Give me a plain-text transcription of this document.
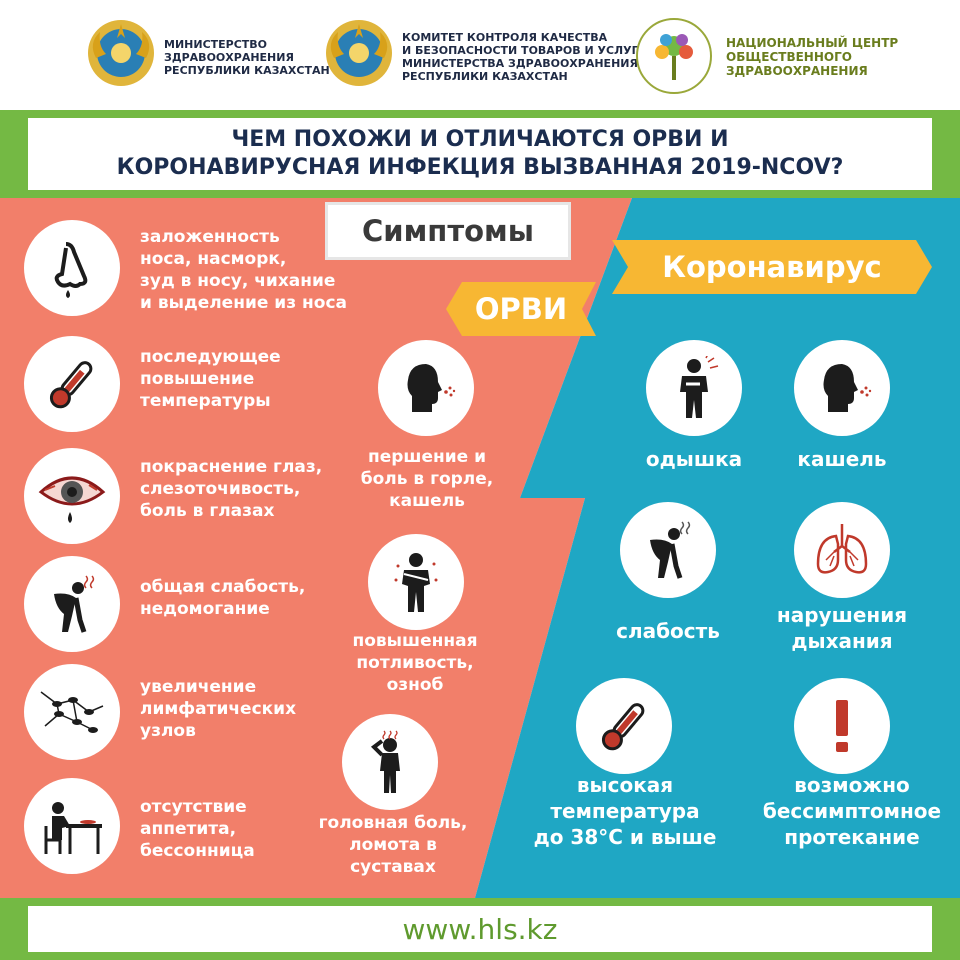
МИНИСТЕРСТВО
ЗДРАВООХРАНЕНИЯ
РЕСПУБЛИКИ КАЗАХСТАН
КОМИТЕТ КОНТРОЛЯ КАЧЕСТВА
И БЕЗОПАСНОСТИ ТОВАРОВ И УСЛУГ
МИНИСТЕРСТВА ЗДРАВООХРАНЕНИЯ
РЕСПУБЛИКИ КАЗАХСТАН
НАЦИОНАЛЬНЫЙ ЦЕНТР
ОБЩЕСТВЕННОГО
ЗДРАВООХРАНЕНИЯ
ЧЕМ ПОХОЖИ И ОТЛИЧАЮТСЯ ОРВИ И
КОРОНАВИРУСНАЯ ИНФЕКЦИЯ ВЫЗВАННАЯ 2019-NCOV?
Симптомы
Коронавирус
ОРВИ
заложенность
носа, насморк,
зуд в носу, чихание
и выделение из носа
последующее
повышение
температуры
покраснение глаз,
слезоточивость,
боль в глазах
общая слабость,
недомогание
увеличение
лимфатических
узлов
отсутствие
аппетита,
бессонница
першение и
боль в горле,
кашель
повышенная
потливость,
озноб
головная боль,
ломота в
суставах
одышка	кашель
слабость
нарушения
дыхания
высокая
температура
до 38°С и выше
возможно
бессимптомное
протекание
www.hls.kz
